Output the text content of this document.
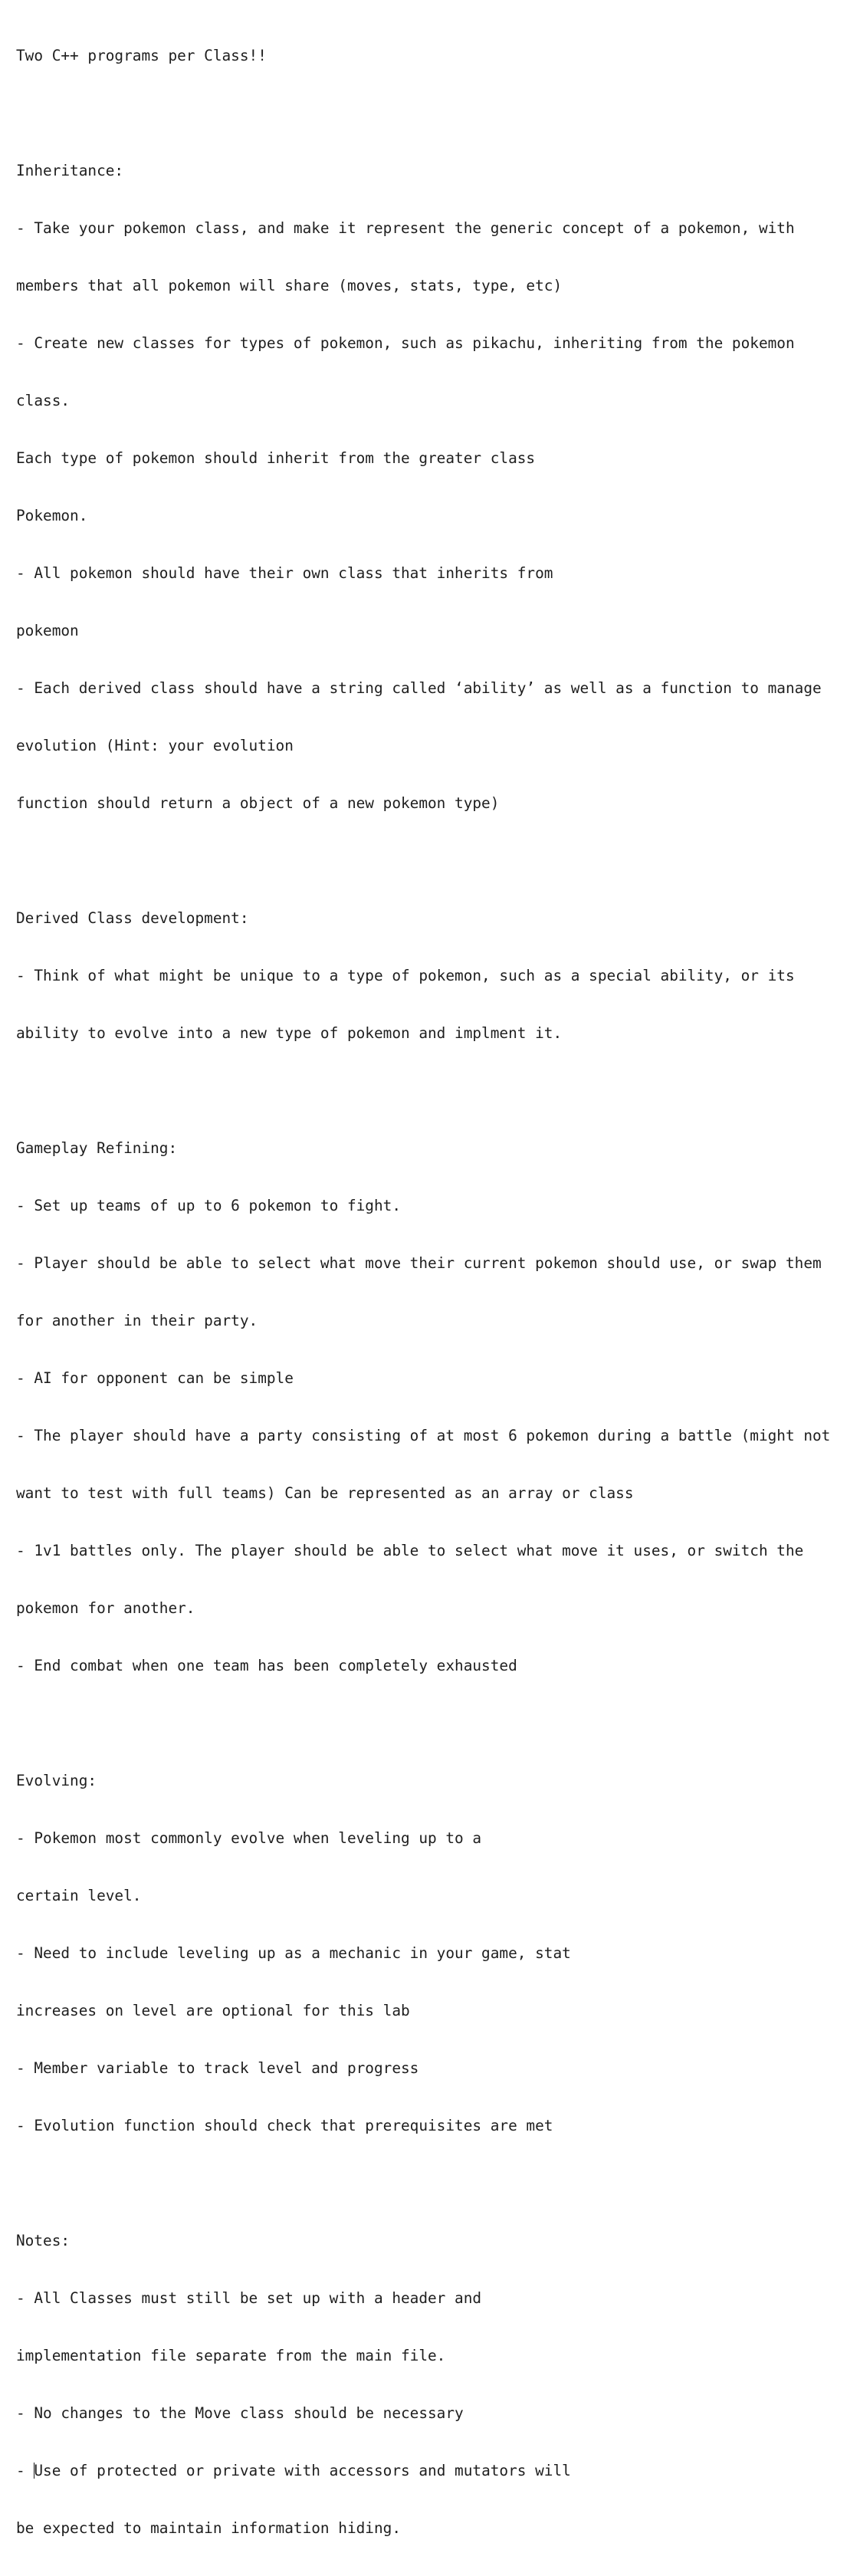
Two C++ programs per Class!!

Inheritance:

- Take your pokemon class, and make it represent the generic concept of a pokemon, with

members that all pokemon will share (moves, stats, type, etc)

- Create new classes for types of pokemon, such as pikachu, inheriting from the pokemon

class.

Each type of pokemon should inherit from the greater class

Pokemon.

- All pokemon should have their own class that inherits from

pokemon

- Each derived class should have a string called ‘ability’ as well as a function to manage

evolution (Hint: your evolution

function should return a object of a new pokemon type)

Derived Class development:

- Think of what might be unique to a type of pokemon, such as a special ability, or its

ability to evolve into a new type of pokemon and implment it.

Gameplay Refining:

- Set up teams of up to 6 pokemon to fight.

- Player should be able to select what move their current pokemon should use, or swap them

for another in their party.

- AI for opponent can be simple

- The player should have a party consisting of at most 6 pokemon during a battle (might not

want to test with full teams) Can be represented as an array or class

- 1v1 battles only. The player should be able to select what move it uses, or switch the

pokemon for another.

- End combat when one team has been completely exhausted

Evolving:

- Pokemon most commonly evolve when leveling up to a

certain level.

- Need to include leveling up as a mechanic in your game, stat

increases on level are optional for this lab

- Member variable to track level and progress

- Evolution function should check that prerequisites are met

Notes:

- All Classes must still be set up with a header and

implementation file separate from the main file.

- No changes to the Move class should be necessary

- Use of protected or private with accessors and mutators will

be expected to maintain information hiding.
